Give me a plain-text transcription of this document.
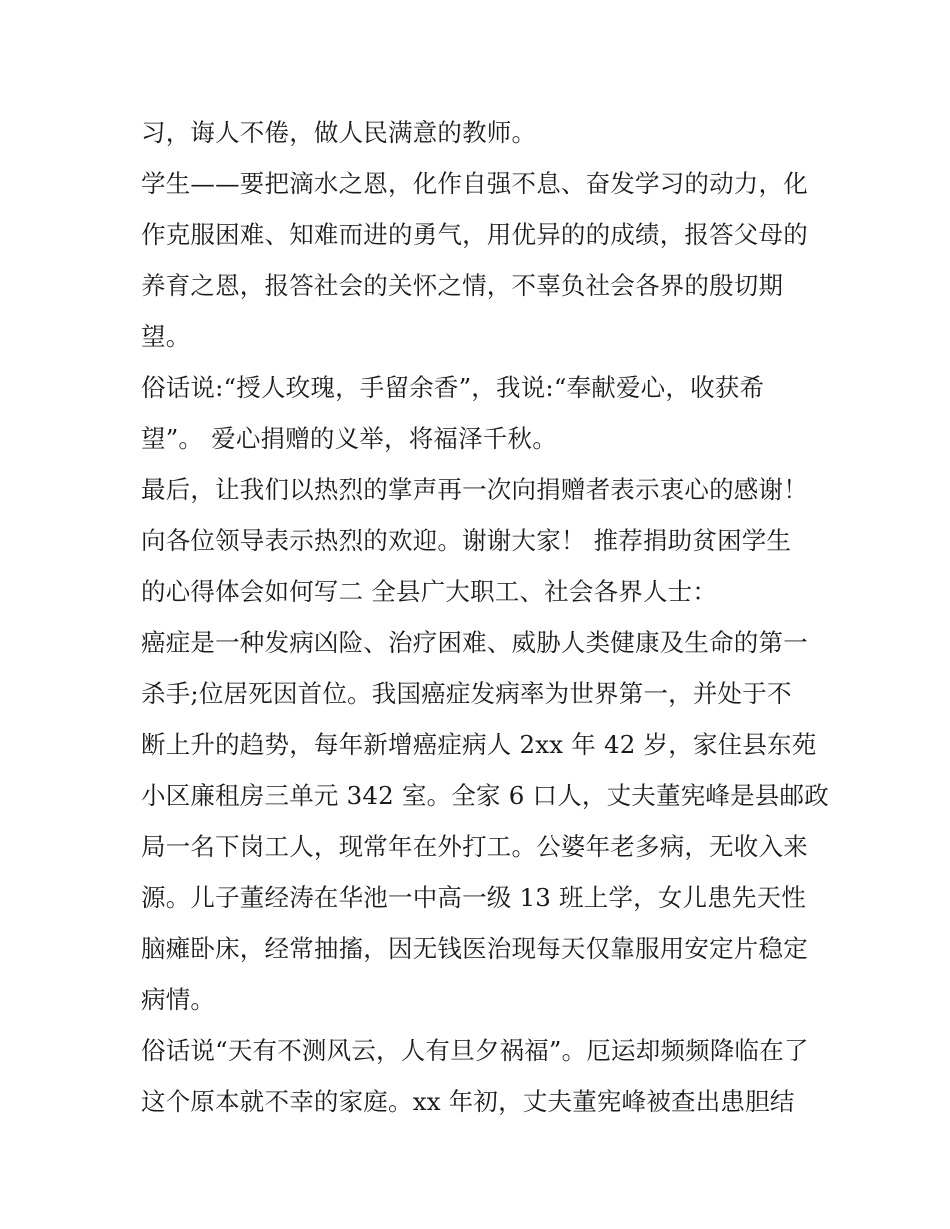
习，诲人不倦，做人民满意的教师。
学生——要把滴水之恩，化作自强不息、奋发学习的动力，化
作克服困难、知难而进的勇气，用优异的的成绩，报答父母的
养育之恩，报答社会的关怀之情，不辜负社会各界的殷切期
望。
俗话说:“授人玫瑰，手留余香”，我说:“奉献爱心，收获希
望”。 爱心捐赠的义举，将福泽千秋。
最后，让我们以热烈的掌声再一次向捐赠者表示衷心的感谢！
向各位领导表示热烈的欢迎。谢谢大家！ 推荐捐助贫困学生
的心得体会如何写二 全县广大职工、社会各界人士：
癌症是一种发病凶险、治疗困难、威胁人类健康及生命的第一
杀手;位居死因首位。我国癌症发病率为世界第一，并处于不
断上升的趋势，每年新增癌症病人 2xx 年 42 岁，家住县东苑
小区廉租房三单元 342 室。全家 6 口人，丈夫董宪峰是县邮政
局一名下岗工人，现常年在外打工。公婆年老多病，无收入来
源。儿子董经涛在华池一中高一级 13 班上学，女儿患先天性
脑瘫卧床，经常抽搐，因无钱医治现每天仅靠服用安定片稳定
病情。
俗话说“天有不测风云，人有旦夕祸福”。厄运却频频降临在了
这个原本就不幸的家庭。xx 年初，丈夫董宪峰被查出患胆结
